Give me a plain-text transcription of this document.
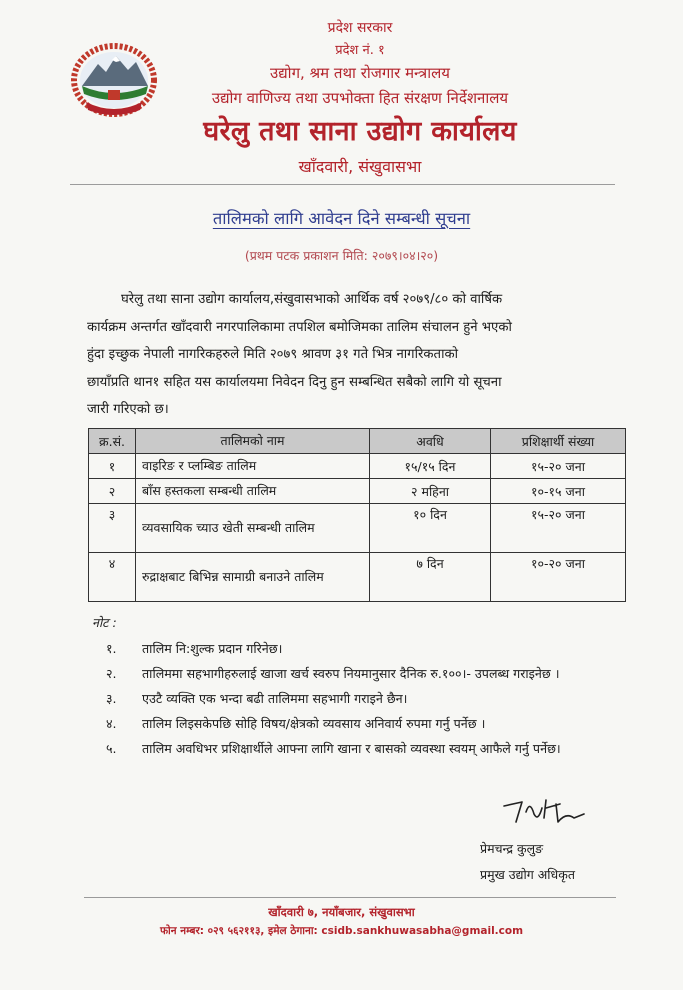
प्रदेश सरकार
प्रदेश नं. १
उद्योग, श्रम तथा रोजगार मन्त्रालय
उद्योग वाणिज्य तथा उपभोक्ता हित संरक्षण निर्देशनालय
घरेलु तथा साना उद्योग कार्यालय
खाँदवारी, संखुवासभा
तालिमको लागि आवेदन दिने सम्बन्धी सूचना
(प्रथम पटक प्रकाशन मिति: २०७९।०४।२०)
घरेलु तथा साना उद्योग कार्यालय,संखुवासभाको आर्थिक वर्ष २०७९/८० को वार्षिक
कार्यक्रम अन्तर्गत खाँदवारी नगरपालिकामा तपशिल बमोजिमका तालिम संचालन हुने भएको
हुंदा इच्छुक नेपाली नागरिकहरुले मिति २०७९ श्रावण ३१ गते भित्र नागरिकताको
छायाँप्रति थान१ सहित यस कार्यालयमा निवेदन दिनु हुन सम्बन्धित सबैको लागि यो सूचना
जारी गरिएको छ।
क्र.सं.	तालिमको नाम	अवधि	प्रशिक्षार्थी संख्या
१	वाइरिङ र प्लम्बिङ तालिम	१५/१५ दिन	१५-२० जना
२	बाँस हस्तकला सम्बन्धी तालिम	२ महिना	१०-१५ जना
३	व्यवसायिक च्याउ खेती सम्बन्धी तालिम	१० दिन	१५-२० जना
४	रुद्राक्षबाट बिभिन्न सामाग्री बनाउने तालिम	७ दिन	१०-२० जना
नोट :
१. तालिम नि:शुल्क प्रदान गरिनेछ।
२. तालिममा सहभागीहरुलाई खाजा खर्च स्वरुप नियमानुसार दैनिक रु.१००।- उपलब्ध गराइनेछ ।
३. एउटै व्यक्ति एक भन्दा बढी तालिममा सहभागी गराइने छैन।
४. तालिम लिइसकेपछि सोहि विषय/क्षेत्रको व्यवसाय अनिवार्य रुपमा गर्नु पर्नेछ ।
५. तालिम अवधिभर प्रशिक्षार्थीले आफ्ना लागि खाना र बासको व्यवस्था स्वयम् आफैले गर्नु पर्नेछ।
प्रेमचन्द्र कुलुङ
प्रमुख उद्योग अधिकृत
खाँदवारी ७, नयाँबजार, संखुवासभा
फोन नम्बर: ०२९ ५६२११३, इमेल ठेगाना: csidb.sankhuwasabha@gmail.com
